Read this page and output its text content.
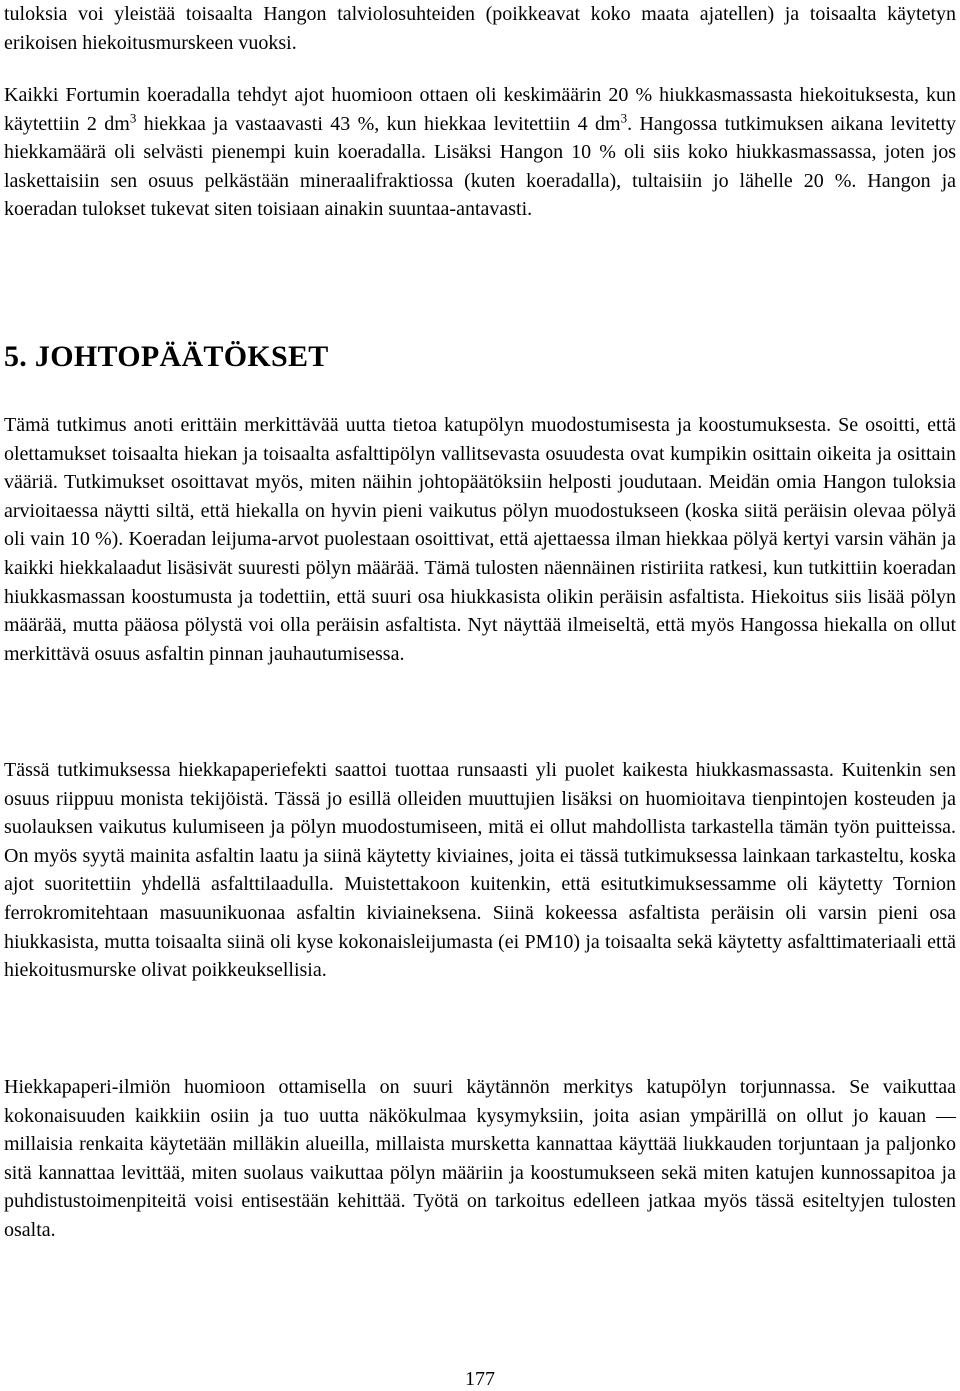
tuloksia voi yleistää toisaalta Hangon talviolosuhteiden (poikkeavat koko maata ajatellen) ja toisaalta käytetyn erikoisen hiekoitusmurskeen vuoksi.

Kaikki Fortumin koeradalla tehdyt ajot huomioon ottaen oli keskimäärin 20 % hiukkasmassasta hiekoituksesta, kun käytettiin 2 $dm^3$ hiekkaa ja vastaavasti 43 %, kun hiekkaa levitettiin 4 $dm^3$. Hangossa tutkimuksen aikana levitetty hiekkamäärä oli selvästi pienempi kuin koeradalla. Lisäksi Hangon 10 % oli siis koko hiukkasmassassa, joten jos laskettaisiin sen osuus pelkästään mineraalifraktiossa (kuten koeradalla), tultaisiin jo lähelle 20 %. Hangon ja koeradan tulokset tukevat siten toisiaan ainakin suuntaa-antavasti.

5. JOHTOPÄÄTÖKSET

Tämä tutkimus anoti erittäin merkittävää uutta tietoa katupölyn muodostumisesta ja koostumuksesta. Se osoitti, että olettamukset toisaalta hiekan ja toisaalta asfalttipölyn vallitsevasta osuudesta ovat kumpikin osittain oikeita ja osittain vääriä. Tutkimukset osoittavat myös, miten näihin johtopäätöksiin helposti joudutaan. Meidän omia Hangon tuloksia arvioitaessa näytti siltä, että hiekalla on hyvin pieni vaikutus pölyn muodostukseen (koska siitä peräisin olevaa pölyä oli vain 10 %). Koeradan leijuma-arvot puolestaan osoittivat, että ajettaessa ilman hiekkaa pölyä kertyi varsin vähän ja kaikki hiekkalaadut lisäsivät suuresti pölyn määrää. Tämä tulosten näennäinen ristiriita ratkesi, kun tutkittiin koeradan hiukkasmassan koostumusta ja todettiin, että suuri osa hiukkasista olikin peräisin asfaltista. Hiekoitus siis lisää pölyn määrää, mutta pääosa pölystä voi olla peräisin asfaltista. Nyt näyttää ilmeiseltä, että myös Hangossa hiekalla on ollut merkittävä osuus asfaltin pinnan jauhautumisessa.

Tässä tutkimuksessa hiekkapaperiefekti saattoi tuottaa runsaasti yli puolet kaikesta hiukkasmassasta. Kuitenkin sen osuus riippuu monista tekijöistä. Tässä jo esillä olleiden muuttujien lisäksi on huomioitava tienpintojen kosteuden ja suolauksen vaikutus kulumiseen ja pölyn muodostumiseen, mitä ei ollut mahdollista tarkastella tämän työn puitteissa. On myös syytä mainita asfaltin laatu ja siinä käytetty kiviaines, joita ei tässä tutkimuksessa lainkaan tarkasteltu, koska ajot suoritettiin yhdellä asfalttilaadulla. Muistettakoon kuitenkin, että esitutkimuksessamme oli käytetty Tornion ferrokromitehtaan masuunikuonaa asfaltin kiviaineksena. Siinä kokeessa asfaltista peräisin oli varsin pieni osa hiukkasista, mutta toisaalta siinä oli kyse kokonaisleijumasta (ei PM10) ja toisaalta sekä käytetty asfalttimateriaali että hiekoitusmurske olivat poikkeuksellisia.

Hiekkapaperi-ilmiön huomioon ottamisella on suuri käytännön merkitys katupölyn torjunnassa. Se vaikuttaa kokonaisuuden kaikkiin osiin ja tuo uutta näkökulmaa kysymyksiin, joita asian ympärillä on ollut jo kauan — millaisia renkaita käytetään milläkin alueilla, millaista mursketta kannattaa käyttää liukkauden torjuntaan ja paljonko sitä kannattaa levittää, miten suolaus vaikuttaa pölyn määriin ja koostumukseen sekä miten katujen kunnossapitoa ja puhdistustoimenpiteitä voisi entisestään kehittää. Työtä on tarkoitus edelleen jatkaa myös tässä esiteltyjen tulosten osalta.

177
